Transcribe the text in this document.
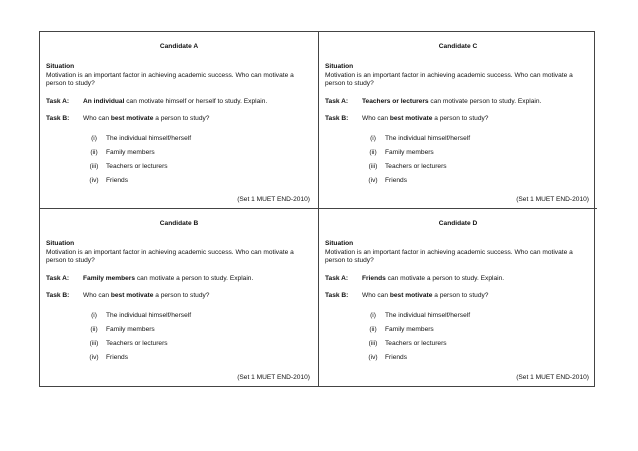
Candidate A
Situation
Motivation is an important factor in achieving academic success. Who can motivate a person to study?
Task A:	An individual can motivate himself or herself to study. Explain.
Task B:	Who can best motivate a person to study?
(i)	The individual himself/herself
(ii)	Family members
(iii)	Teachers or lecturers
(iv)	Friends
(Set 1 MUET END-2010)
Candidate C
Situation
Motivation is an important factor in achieving academic success. Who can motivate a person to study?
Task A:	Teachers or lecturers can motivate person to study. Explain.
Task B:	Who can best motivate a person to study?
(i)	The individual himself/herself
(ii)	Family members
(iii)	Teachers or lecturers
(iv)	Friends
(Set 1 MUET END-2010)
Candidate B
Situation
Motivation is an important factor in achieving academic success. Who can motivate a person to study?
Task A:	Family members can motivate a person to study. Explain.
Task B:	Who can best motivate a person to study?
(i)	The individual himself/herself
(ii)	Family members
(iii)	Teachers or lecturers
(iv)	Friends
(Set 1 MUET END-2010)
Candidate D
Situation
Motivation is an important factor in achieving academic success. Who can motivate a person to study?
Task A:	Friends can motivate a person to study. Explain.
Task B:	Who can best motivate a person to study?
(i)	The individual himself/herself
(ii)	Family members
(iii)	Teachers or lecturers
(iv)	Friends
(Set 1 MUET END-2010)
